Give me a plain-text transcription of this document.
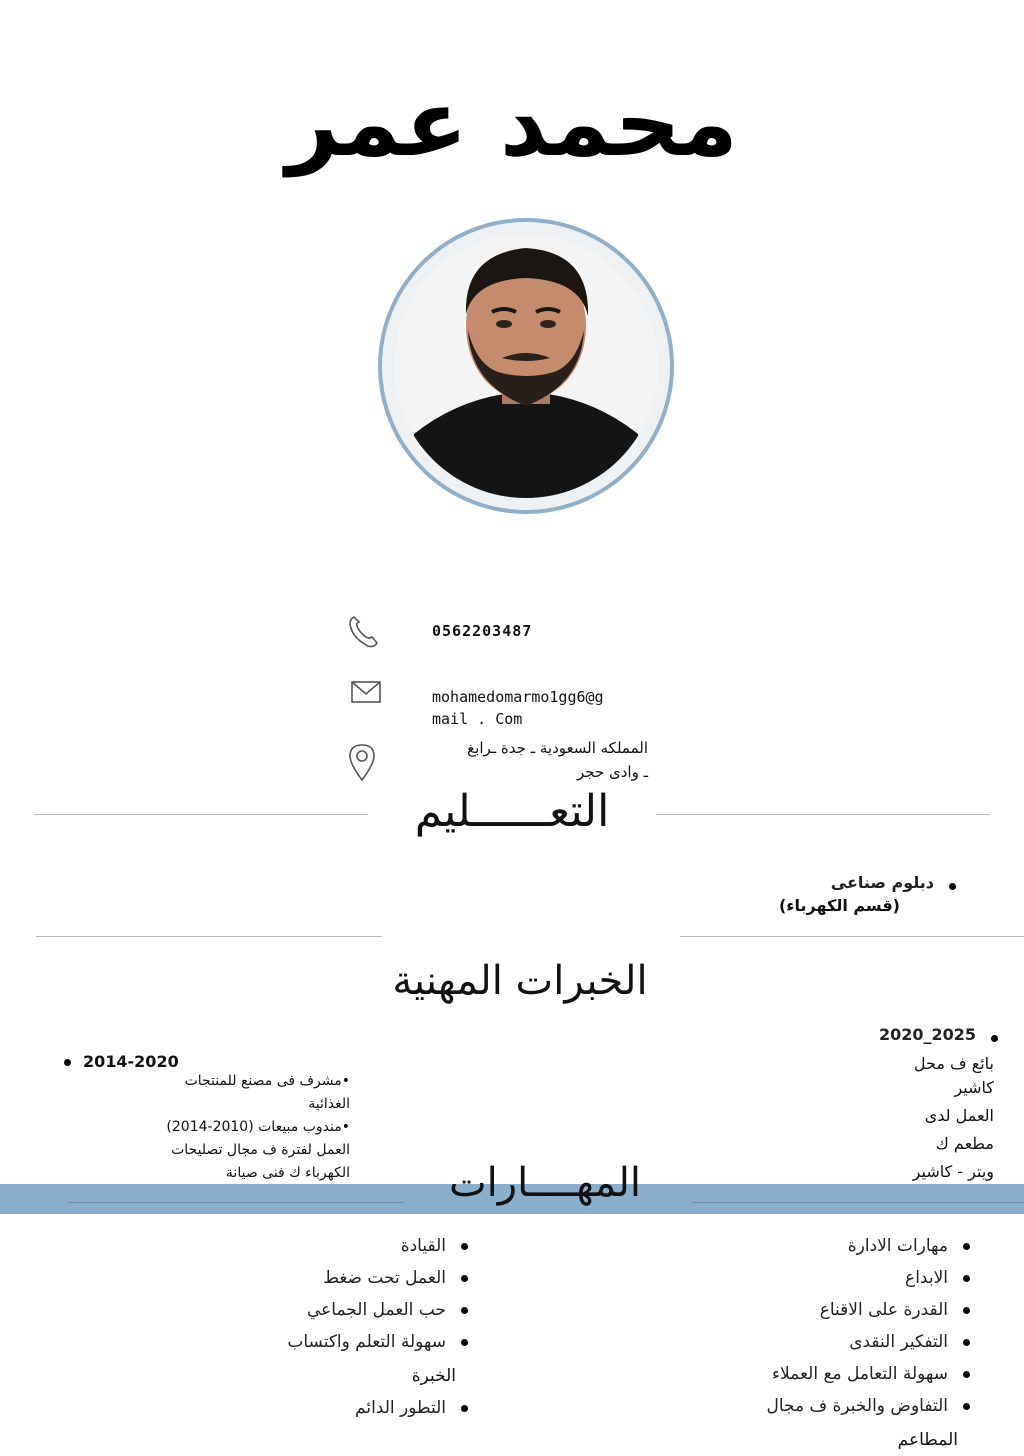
محمد عمر
0562203487
mohamedomarmo1gg6@g
mail . Com
المملكه السعودية ـ جدة ـرابغ
ـ وادى حجر
التعــــــليم
دبلوم صناعى
(قسم الكهرباء)
الخبرات المهنية
2025_2020
بائع ف محل
كاشير
العمل لدى
مطعم ك
ويتر - كاشير
2014-2020
•مشرف فى مصنع للمنتجات
الغذائية
•مندوب مبيعات (2010-2014)
العمل لفترة ف مجال تصليحات
الكهرباء ك فنى صيانة	المهــــارات
مهارات الادارة
الابداع
القدرة على الاقناع
التفكير النقدى
سهولة التعامل مع العملاء
التفاوض والخبرة ف مجال
المطاعم
القيادة
العمل تحت ضغط
حب العمل الجماعي
سهولة التعلم واكتساب
الخبرة
التطور الدائم
